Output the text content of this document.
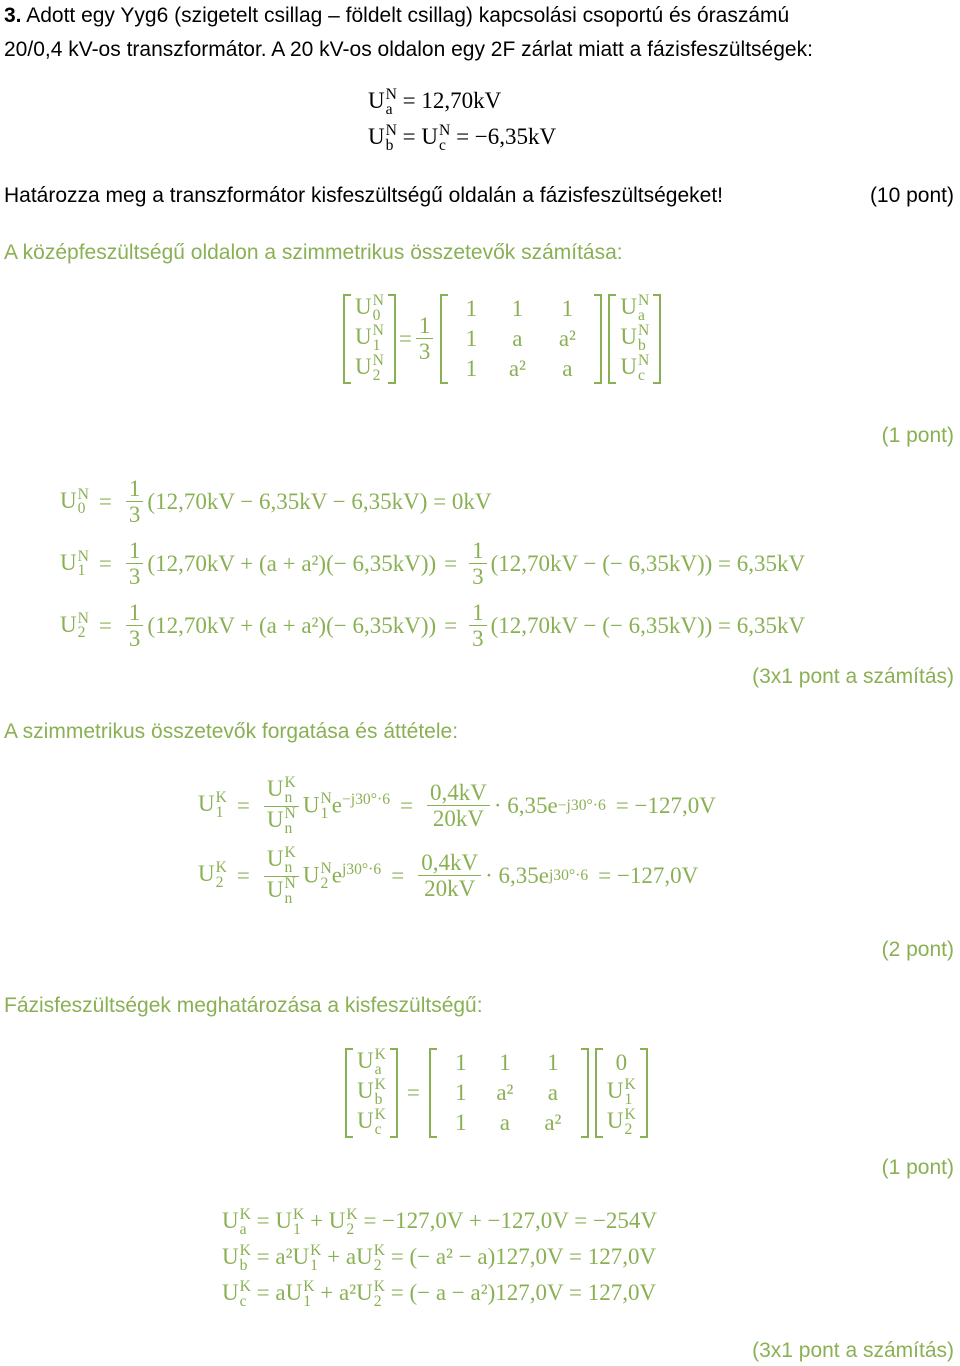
3. Adott egy Yyg6 (szigetelt csillag – földelt csillag) kapcsolási csoportú és óraszámú
20/0,4 kV-os transzformátor. A 20 kV-os oldalon egy 2F zárlat miatt a fázisfeszültségek:
U N
a = 12,70kV
U N
b = U N
c = −6,35kV
Határozza meg a transzformátor kisfeszültségű oldalán a fázisfeszültségeket!	(10 pont)
A középfeszültségű oldalon a szimmetrikus összetevők számítása:
U N
0
U N
1
U N
2
= $\frac{1}{3}$
1 1 1
1 a a²
1 a² a
U N
a
U N
b
U N
c
(1 pont)
U N
$0 = \frac{1}{3} (12,70kV - 6,35kV - 6,35kV) = 0kV$
U N
$1 = \frac{1}{3} (12,70kV + (a + a^2)(- 6,35kV)) = \frac{1}{3} (12,70kV$ − (− 6,35kV)) = 6,35kV
U N
$2 = \frac{1}{3} (12,70kV + (a + a^2)(- 6,35kV)) = \frac{1}{3} (12,70kV$ − (− 6,35kV)) = 6,35kV
(3x1 pont a számítás)
A szimmetrikus összetevők forgatása és áttétele:
U K
1 = U K
n
U N
n U N
1 $e^{-j30^\circ\cdot 6} = \frac{0,4kV}{20kV} \cdot 6,35e -j30^\circ\cdot 6 = -127,0V$
U K
2 = U K
n
U N
n U N
2 $e^{j30^\circ\cdot 6} = \frac{0,4kV}{20kV} \cdot 6,35e$ j30°·6 = −127,0V
(2 pont)
Fázisfeszültségek meghatározása a kisfeszültségű:
U K
a
U K
b
U K
c
=
1 1 1
1 a² a
1 a a²
0
U K
1
U K
2
(1 pont)
U K
a = U K
1 + U K
2 = −127,0V + −127,0V = −254V
U K
b = a²U K
1 + aU K
2 = (− a² − a)127,0V = 127,0V
U K
c = aU K
1 + a²U K
2 = (− a − a²)127,0V = 127,0V
(3x1 pont a számítás)
